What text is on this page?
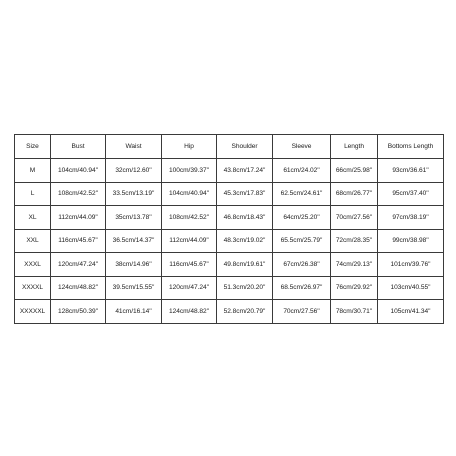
Size	Bust	Waist	Hip	Shoulder	Sleeve	Length	Bottoms Length
M	104cm/40.94''	32cm/12.60''	100cm/39.37''	43.8cm/17.24''	61cm/24.02''	66cm/25.98''	93cm/36.61''
L	108cm/42.52''	33.5cm/13.19''	104cm/40.94''	45.3cm/17.83''	62.5cm/24.61''	68cm/26.77''	95cm/37.40''
XL	112cm/44.09''	35cm/13.78''	108cm/42.52''	46.8cm/18.43''	64cm/25.20''	70cm/27.56''	97cm/38.19''
XXL	116cm/45.67''	36.5cm/14.37''	112cm/44.09''	48.3cm/19.02''	65.5cm/25.79''	72cm/28.35''	99cm/38.98''
XXXL	120cm/47.24''	38cm/14.96''	116cm/45.67''	49.8cm/19.61''	67cm/26.38''	74cm/29.13''	101cm/39.76''
XXXXL	124cm/48.82''	39.5cm/15.55''	120cm/47.24''	51.3cm/20.20''	68.5cm/26.97''	76cm/29.92''	103cm/40.55''
XXXXXL	128cm/50.39''	41cm/16.14''	124cm/48.82''	52.8cm/20.79''	70cm/27.56''	78cm/30.71''	105cm/41.34''
